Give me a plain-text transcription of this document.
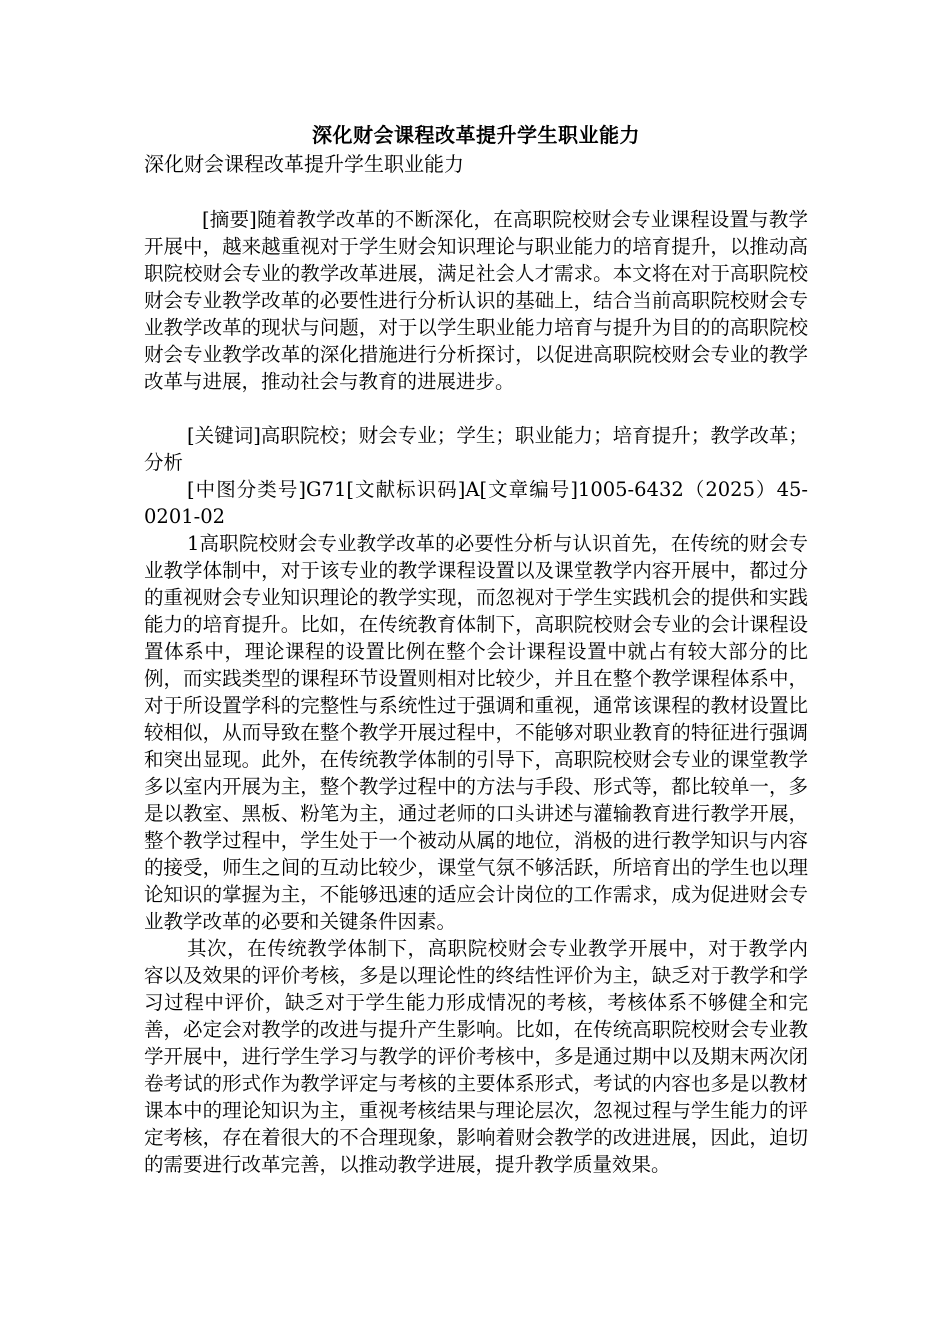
深化财会课程改革提升学生职业能力

深化财会课程改革提升学生职业能力

[摘要]随着教学改革的不断深化，在高职院校财会专业课程设置与教学开展中，越来越重视对于学生财会知识理论与职业能力的培育提升，以推动高职院校财会专业的教学改革进展，满足社会人才需求。本文将在对于高职院校财会专业教学改革的必要性进行分析认识的基础上，结合当前高职院校财会专业教学改革的现状与问题，对于以学生职业能力培育与提升为目的的高职院校财会专业教学改革的深化措施进行分析探讨，以促进高职院校财会专业的教学改革与进展，推动社会与教育的进展进步。

[关键词]高职院校；财会专业；学生；职业能力；培育提升；教学改革；分析

[中图分类号]G71[文献标识码]A[文章编号]1005-6432（2025）45-0201-02

1高职院校财会专业教学改革的必要性分析与认识首先，在传统的财会专业教学体制中，对于该专业的教学课程设置以及课堂教学内容开展中，都过分的重视财会专业知识理论的教学实现，而忽视对于学生实践机会的提供和实践能力的培育提升。比如，在传统教育体制下，高职院校财会专业的会计课程设置体系中，理论课程的设置比例在整个会计课程设置中就占有较大部分的比例，而实践类型的课程环节设置则相对比较少，并且在整个教学课程体系中，对于所设置学科的完整性与系统性过于强调和重视，通常该课程的教材设置比较相似，从而导致在整个教学开展过程中，不能够对职业教育的特征进行强调和突出显现。此外，在传统教学体制的引导下，高职院校财会专业的课堂教学多以室内开展为主，整个教学过程中的方法与手段、形式等，都比较单一，多是以教室、黑板、粉笔为主，通过老师的口头讲述与灌输教育进行教学开展，整个教学过程中，学生处于一个被动从属的地位，消极的进行教学知识与内容的接受，师生之间的互动比较少，课堂气氛不够活跃，所培育出的学生也以理论知识的掌握为主，不能够迅速的适应会计岗位的工作需求，成为促进财会专业教学改革的必要和关键条件因素。

其次，在传统教学体制下，高职院校财会专业教学开展中，对于教学内容以及效果的评价考核，多是以理论性的终结性评价为主，缺乏对于教学和学习过程中评价，缺乏对于学生能力形成情况的考核，考核体系不够健全和完善，必定会对教学的改进与提升产生影响。比如，在传统高职院校财会专业教学开展中，进行学生学习与教学的评价考核中，多是通过期中以及期末两次闭卷考试的形式作为教学评定与考核的主要体系形式，考试的内容也多是以教材课本中的理论知识为主，重视考核结果与理论层次，忽视过程与学生能力的评定考核，存在着很大的不合理现象，影响着财会教学的改进进展，因此，迫切的需要进行改革完善，以推动教学进展，提升教学质量效果。
